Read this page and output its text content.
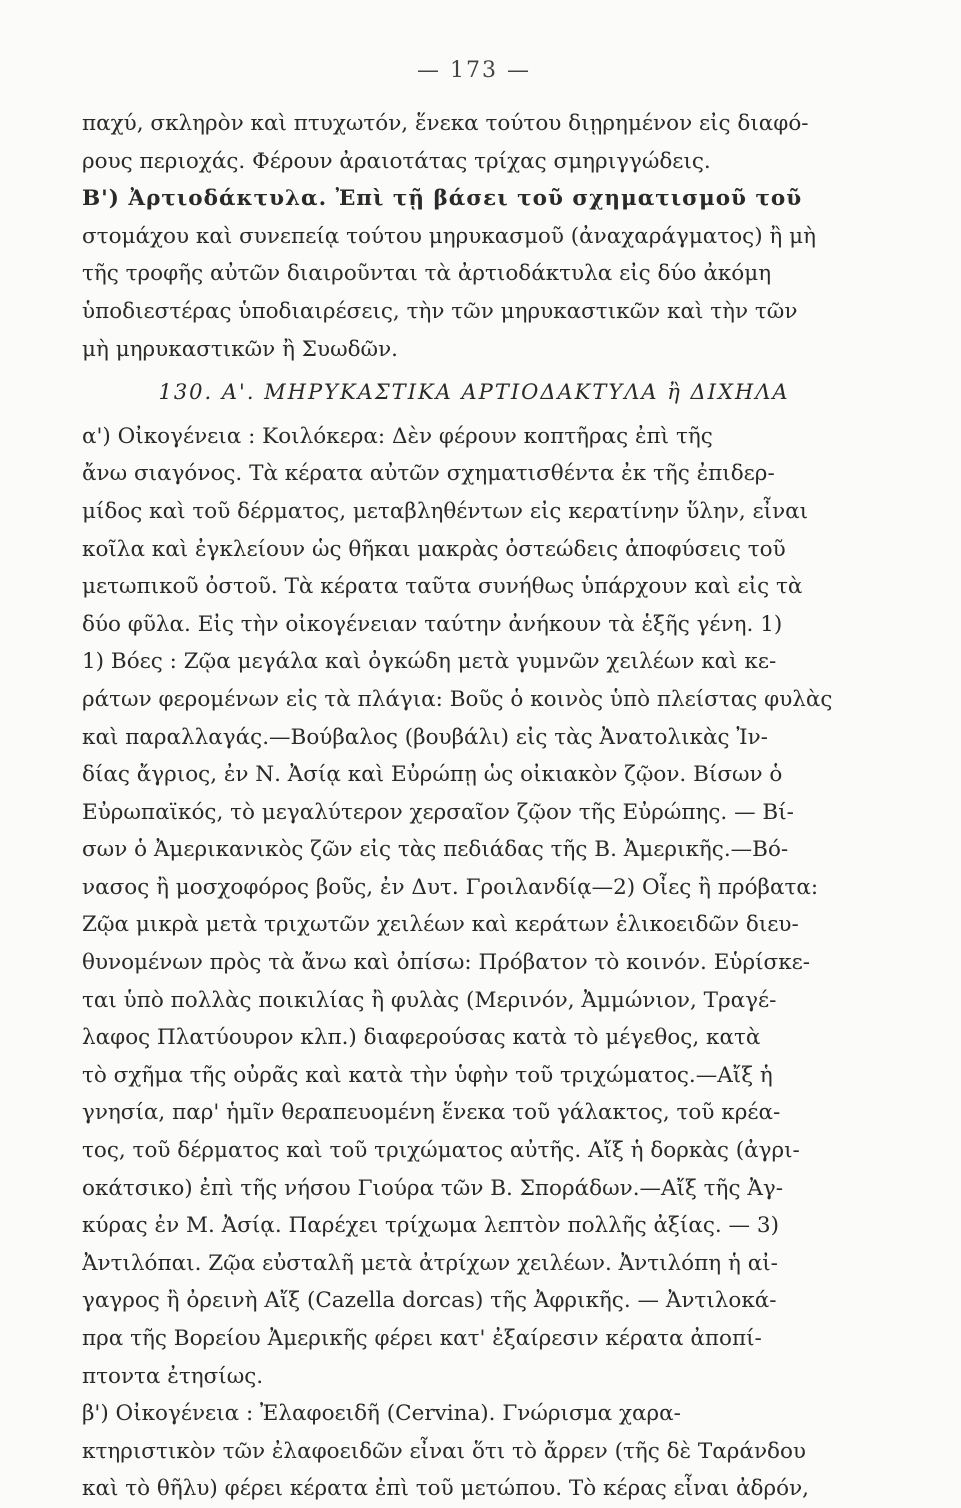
— 173 —
παχύ, σκληρὸν καὶ πτυχωτόν, ἕνεκα τούτου διῃρημένον εἰς διαφό-
ρους περιοχάς. Φέρουν ἀραιοτάτας τρίχας σμηριγγώδεις.
Β') Ἀρτιοδάκτυλα. Ἐπὶ τῇ βάσει τοῦ σχηματισμοῦ τοῦ
στομάχου καὶ συνεπείᾳ τούτου μηρυκασμοῦ (ἀναχαράγματος) ἢ μὴ
τῆς τροφῆς αὐτῶν διαιροῦνται τὰ ἀρτιοδάκτυλα εἰς δύο ἀκόμη
ὑποδιεστέρας ὑποδιαιρέσεις, τὴν τῶν μηρυκαστικῶν καὶ τὴν τῶν
μὴ μηρυκαστικῶν ἢ Συωδῶν.
130. Α'. ΜΗΡΥΚΑΣΤΙΚΑ ΑΡΤΙΟΔΑΚΤΥΛΑ ἢ ΔΙΧΗΛΑ
α') Οἰκογένεια : Κοιλόκερα: Δὲν φέρουν κοπτῆρας ἐπὶ τῆς
ἄνω σιαγόνος. Τὰ κέρατα αὐτῶν σχηματισθέντα ἐκ τῆς ἐπιδερ-
μίδος καὶ τοῦ δέρματος, μεταβληθέντων εἰς κερατίνην ὕλην, εἶναι
κοῖλα καὶ ἐγκλείουν ὡς θῆκαι μακρὰς ὀστεώδεις ἀποφύσεις τοῦ
μετωπικοῦ ὀστοῦ. Τὰ κέρατα ταῦτα συνήθως ὑπάρχουν καὶ εἰς τὰ
δύο φῦλα. Εἰς τὴν οἰκογένειαν ταύτην ἀνήκουν τὰ ἑξῆς γένη. 1)
1) Βόες : Ζῷα μεγάλα καὶ ὀγκώδη μετὰ γυμνῶν χειλέων καὶ κε-
ράτων φερομένων εἰς τὰ πλάγια: Βοῦς ὁ κοινὸς ὑπὸ πλείστας φυλὰς
καὶ παραλλαγάς.—Βούβαλος (βουβάλι) εἰς τὰς Ἀνατολικὰς Ἰν-
δίας ἄγριος, ἐν Ν. Ἀσίᾳ καὶ Εὐρώπῃ ὡς οἰκιακὸν ζῷον. Βίσων ὁ
Εὐρωπαϊκός, τὸ μεγαλύτερον χερσαῖον ζῷον τῆς Εὐρώπης. — Βί-
σων ὁ Ἀμερικανικὸς ζῶν εἰς τὰς πεδιάδας τῆς Β. Ἀμερικῆς.—Βό-
νασος ἢ μοσχοφόρος βοῦς, ἐν Δυτ. Γροιλανδίᾳ—2) Οἶες ἢ πρόβατα:
Ζῷα μικρὰ μετὰ τριχωτῶν χειλέων καὶ κεράτων ἑλικοειδῶν διευ-
θυνομένων πρὸς τὰ ἄνω καὶ ὀπίσω: Πρόβατον τὸ κοινόν. Εὑρίσκε-
ται ὑπὸ πολλὰς ποικιλίας ἢ φυλὰς (Μερινόν, Ἀμμώνιον, Τραγέ-
λαφος Πλατύουρον κλπ.) διαφερούσας κατὰ τὸ μέγεθος, κατὰ
τὸ σχῆμα τῆς οὐρᾶς καὶ κατὰ τὴν ὑφὴν τοῦ τριχώματος.—Αἴξ ἡ
γνησία, παρ' ἡμῖν θεραπευομένη ἕνεκα τοῦ γάλακτος, τοῦ κρέα-
τος, τοῦ δέρματος καὶ τοῦ τριχώματος αὐτῆς. Αἴξ ἡ δορκὰς (ἀγρι-
οκάτσικο) ἐπὶ τῆς νήσου Γιούρα τῶν Β. Σποράδων.—Αἴξ τῆς Ἀγ-
κύρας ἐν Μ. Ἀσίᾳ. Παρέχει τρίχωμα λεπτὸν πολλῆς ἀξίας. — 3)
Ἀντιλόπαι. Ζῷα εὐσταλῆ μετὰ ἀτρίχων χειλέων. Ἀντιλόπη ἡ αἰ-
γαγρος ἢ ὀρεινὴ Αἴξ (Cazella dorcas) τῆς Ἀφρικῆς. — Ἀντιλοκά-
πρα τῆς Βορείου Ἀμερικῆς φέρει κατ' ἐξαίρεσιν κέρατα ἀποπί-
πτοντα ἐτησίως.
β') Οἰκογένεια : Ἐλαφοειδῆ (Cervina). Γνώρισμα χαρα-
κτηριστικὸν τῶν ἐλαφοειδῶν εἶναι ὅτι τὸ ἄρρεν (τῆς δὲ Ταράνδου
καὶ τὸ θῆλυ) φέρει κέρατα ἐπὶ τοῦ μετώπου. Τὸ κέρας εἶναι ἀδρόν,
